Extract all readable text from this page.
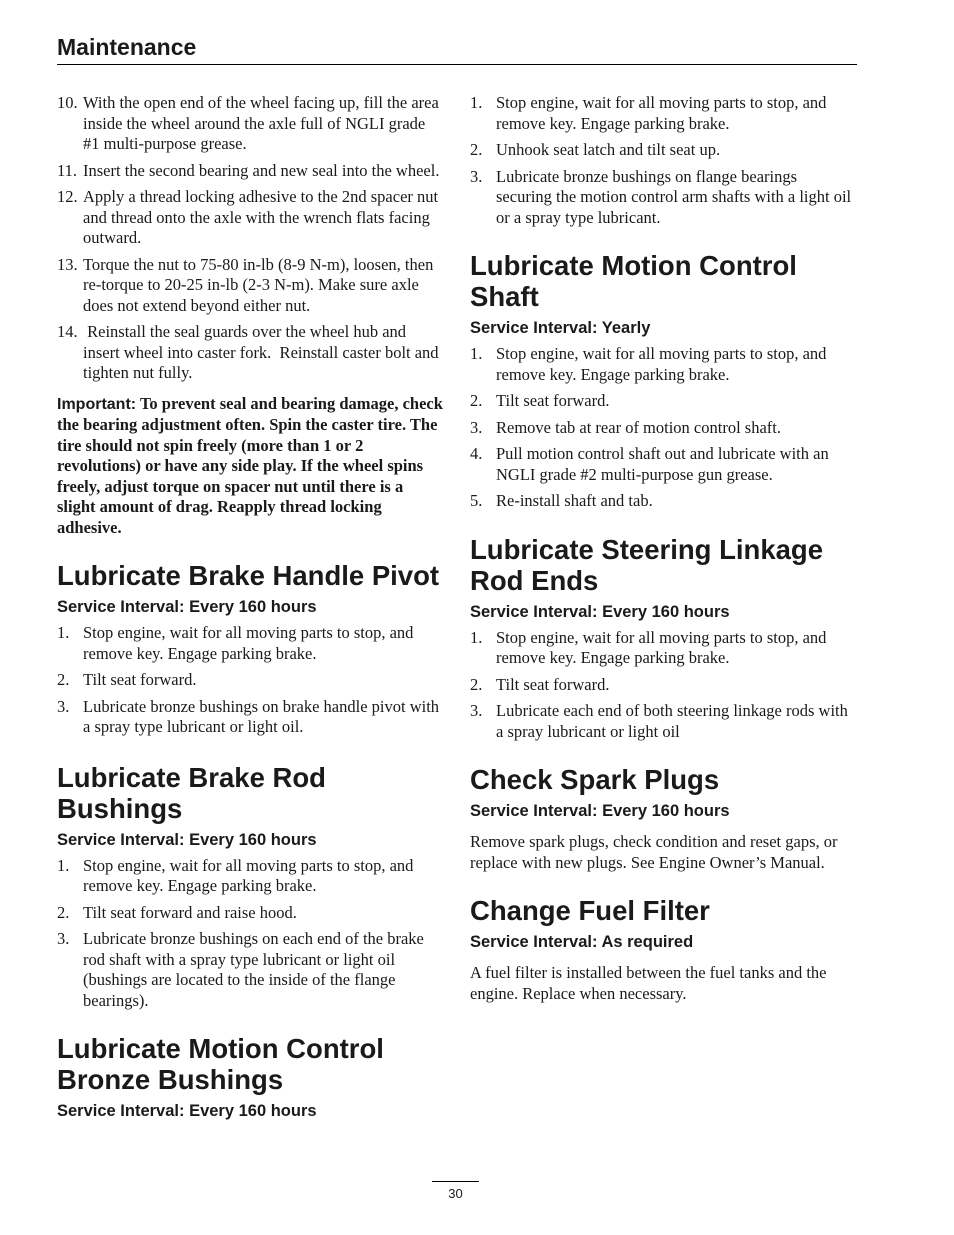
Maintenance
10. With the open end of the wheel facing up, fill the area inside the wheel around the axle full of NGLI grade #1 multi-purpose grease.
11. Insert the second bearing and new seal into the wheel.
12. Apply a thread locking adhesive to the 2nd spacer nut and thread onto the axle with the wrench flats facing outward.
13. Torque the nut to 75-80 in-lb (8-9 N-m), loosen, then re-torque to 20-25 in-lb (2-3 N-m). Make sure axle does not extend beyond either nut.
14. Reinstall the seal guards over the wheel hub and insert wheel into caster fork.  Reinstall caster bolt and tighten nut fully.
Important: To prevent seal and bearing damage, check the bearing adjustment often. Spin the caster tire. The tire should not spin freely (more than 1 or 2 revolutions) or have any side play. If the wheel spins freely, adjust torque on spacer nut until there is a slight amount of drag. Reapply thread locking adhesive.
Lubricate Brake Handle Pivot
Service Interval: Every 160 hours
1. Stop engine, wait for all moving parts to stop, and remove key. Engage parking brake.
2. Tilt seat forward.
3. Lubricate bronze bushings on brake handle pivot with a spray type lubricant or light oil.
Lubricate Brake Rod Bushings
Service Interval: Every 160 hours
1. Stop engine, wait for all moving parts to stop, and remove key. Engage parking brake.
2. Tilt seat forward and raise hood.
3. Lubricate bronze bushings on each end of the brake rod shaft with a spray type lubricant or light oil (bushings are located to the inside of the flange bearings).
Lubricate Motion Control Bronze Bushings
Service Interval: Every 160 hours
1. Stop engine, wait for all moving parts to stop, and remove key. Engage parking brake.
2. Unhook seat latch and tilt seat up.
3. Lubricate bronze bushings on flange bearings securing the motion control arm shafts with a light oil or a spray type lubricant.
Lubricate Motion Control Shaft
Service Interval: Yearly
1. Stop engine, wait for all moving parts to stop, and remove key. Engage parking brake.
2. Tilt seat forward.
3. Remove tab at rear of motion control shaft.
4. Pull motion control shaft out and lubricate with an NGLI grade #2 multi-purpose gun grease.
5. Re-install shaft and tab.
Lubricate Steering Linkage Rod Ends
Service Interval: Every 160 hours
1. Stop engine, wait for all moving parts to stop, and remove key. Engage parking brake.
2. Tilt seat forward.
3. Lubricate each end of both steering linkage rods with a spray lubricant or light oil
Check Spark Plugs
Service Interval: Every 160 hours

Remove spark plugs, check condition and reset gaps, or replace with new plugs. See Engine Owner’s Manual.

Change Fuel Filter
Service Interval: As required

A fuel filter is installed between the fuel tanks and the engine. Replace when necessary.

30
